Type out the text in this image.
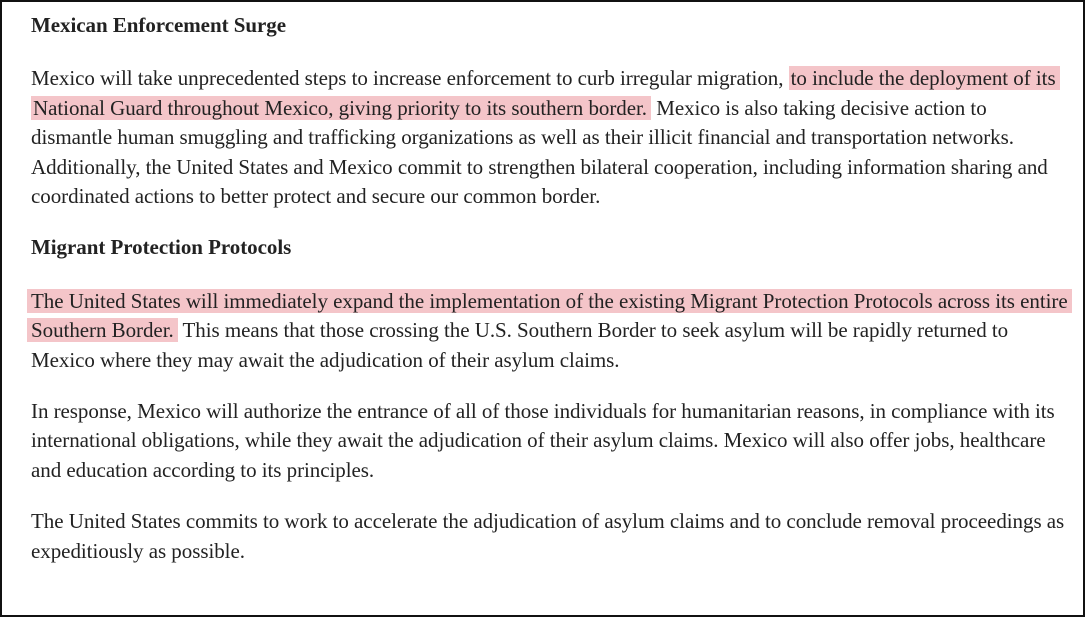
Mexican Enforcement Surge

Mexico will take unprecedented steps to increase enforcement to curb irregular migration, to include the deployment of its National Guard throughout Mexico, giving priority to its southern border. Mexico is also taking decisive action to dismantle human smuggling and trafficking organizations as well as their illicit financial and transportation networks. Additionally, the United States and Mexico commit to strengthen bilateral cooperation, including information sharing and coordinated actions to better protect and secure our common border.

Migrant Protection Protocols

The United States will immediately expand the implementation of the existing Migrant Protection Protocols across its entire Southern Border. This means that those crossing the U.S. Southern Border to seek asylum will be rapidly returned to Mexico where they may await the adjudication of their asylum claims.

In response, Mexico will authorize the entrance of all of those individuals for humanitarian reasons, in compliance with its international obligations, while they await the adjudication of their asylum claims. Mexico will also offer jobs, healthcare and education according to its principles.

The United States commits to work to accelerate the adjudication of asylum claims and to conclude removal proceedings as expeditiously as possible.
